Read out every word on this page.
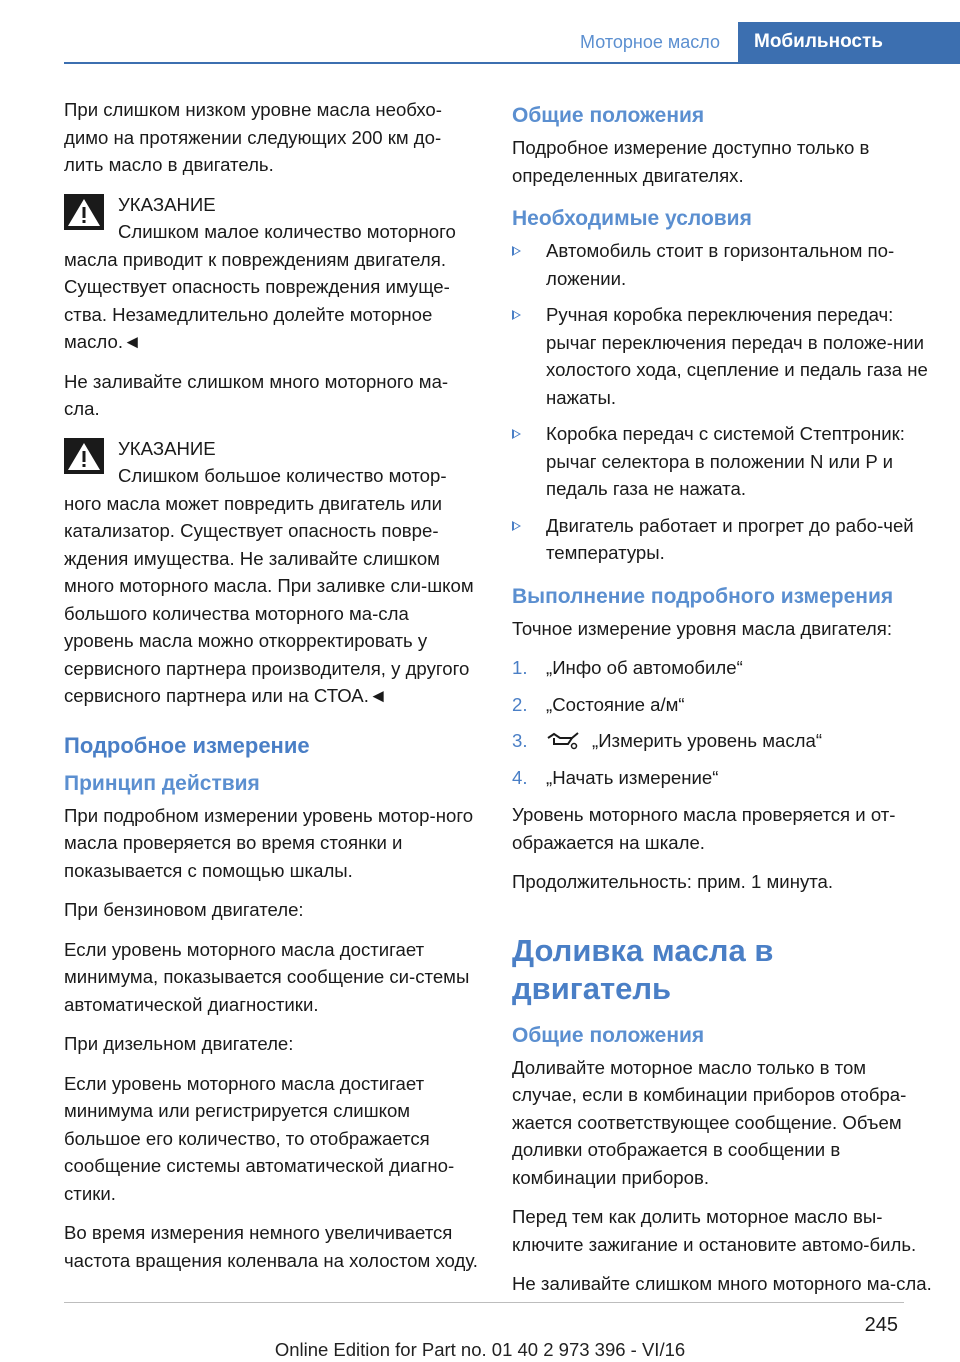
Моторное масло	Мобильность

При слишком низком уровне масла необхо-димо на протяжении следующих 200 км до-лить масло в двигатель.

УКАЗАНИЕ
Слишком малое количество моторного масла приводит к повреждениям двигателя. Существует опасность повреждения имуще-ства. Незамедлительно долейте моторное масло.◄

Не заливайте слишком много моторного ма-сла.

УКАЗАНИЕ
Слишком большое количество мотор-ного масла может повредить двигатель или катализатор. Существует опасность повре-ждения имущества. Не заливайте слишком много моторного масла. При заливке сли-шком большого количества моторного ма-сла уровень масла можно откорректировать у сервисного партнера производителя, у другого сервисного партнера или на СТОА.◄
Подробное измерение
Принцип действия

При подробном измерении уровень мотор-ного масла проверяется во время стоянки и показывается с помощью шкалы.

При бензиновом двигателе:

Если уровень моторного масла достигает минимума, показывается сообщение си-стемы автоматической диагностики.

При дизельном двигателе:

Если уровень моторного масла достигает минимума или регистрируется слишком большое его количество, то отображается сообщение системы автоматической диагно-стики.

Во время измерения немного увеличивается частота вращения коленвала на холостом ходу.

Общие положения

Подробное измерение доступно только в определенных двигателях.

Необходимые условия
Автомобиль стоит в горизонтальном по-ложении.
Ручная коробка переключения передач: рычаг переключения передач в положе-нии холостого хода, сцепление и педаль газа не нажаты.
Коробка передач с системой Стептроник: рычаг селектора в положении N или P и педаль газа не нажата.
Двигатель работает и прогрет до рабо-чей температуры.
Выполнение подробного измерения

Точное измерение уровня масла двигателя:

1. „Инфо об автомобиле“
2. „Состояние а/м“
3.	„Измерить уровень масла“
4. „Начать измерение“

Уровень моторного масла проверяется и от-ображается на шкале.

Продолжительность: прим. 1 минута.

Доливка масла в двигатель
Общие положения

Доливайте моторное масло только в том случае, если в комбинации приборов отобра-жается соответствующее сообщение. Объем доливки отображается в сообщении в комбинации приборов.

Перед тем как долить моторное масло вы-ключите зажигание и остановите автомо-биль.

Не заливайте слишком много моторного ма-сла.

245
Online Edition for Part no. 01 40 2 973 396 - VI/16
